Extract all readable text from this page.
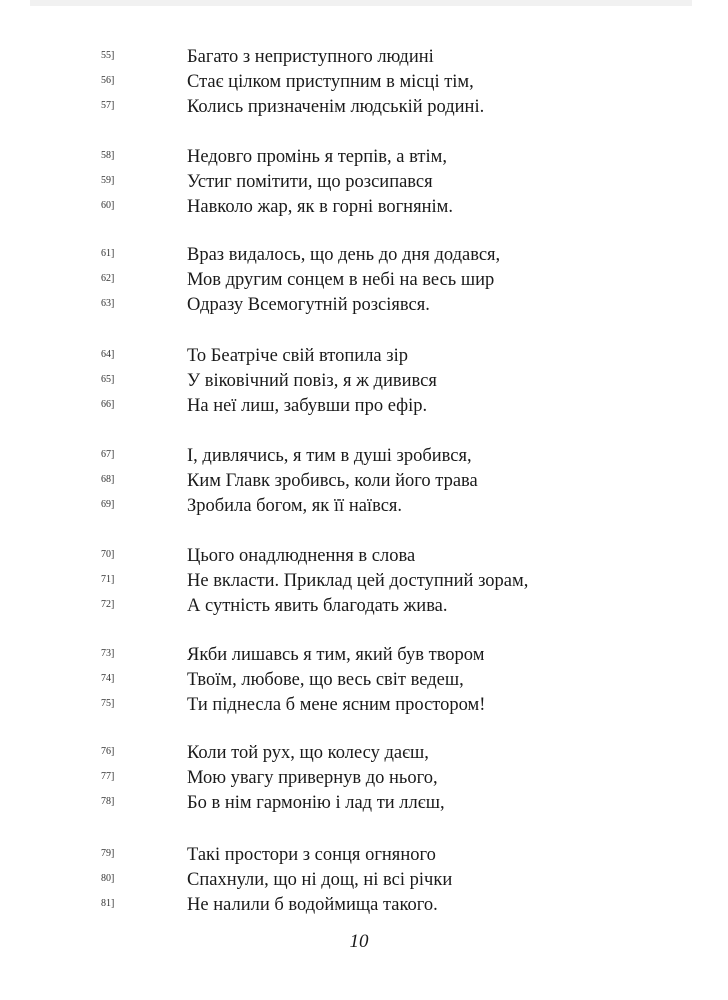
55]	Багато з неприступного людині
56]	Стає цілком приступним в місці тім,
57]	Колись призначенім людській родині.
58]	Недовго промінь я терпів, а втім,
59]	Устиг помітити, що розсипався
60]	Навколо жар, як в горні вогнянім.
61]	Враз видалось, що день до дня додався,
62]	Мов другим сонцем в небі на весь шир
63]	Одразу Всемогутній розсіявся.
64]	То Беатріче свій втопила зір
65]	У віковічний повіз, я ж дивився
66]	На неї лиш, забувши про ефір.
67]	І, дивлячись, я тим в душі зробився,
68]	Ким Главк зробивсь, коли його трава
69]	Зробила богом, як її наївся.
70]	Цього онадлюднення в слова
71]	Не вкласти. Приклад цей доступний зорам,
72]	А сутність явить благодать жива.
73]	Якби лишавсь я тим, який був твором
74]	Твоїм, любове, що весь світ ведеш,
75]	Ти піднесла б мене ясним простором!
76]	Коли той рух, що колесу даєш,
77]	Мою увагу привернув до нього,
78]	Бо в нім гармонію і лад ти ллєш,
79]	Такі простори з сонця огняного
80]	Спахнули, що ні дощ, ні всі річки
81]	Не налили б водоймища такого.
10
